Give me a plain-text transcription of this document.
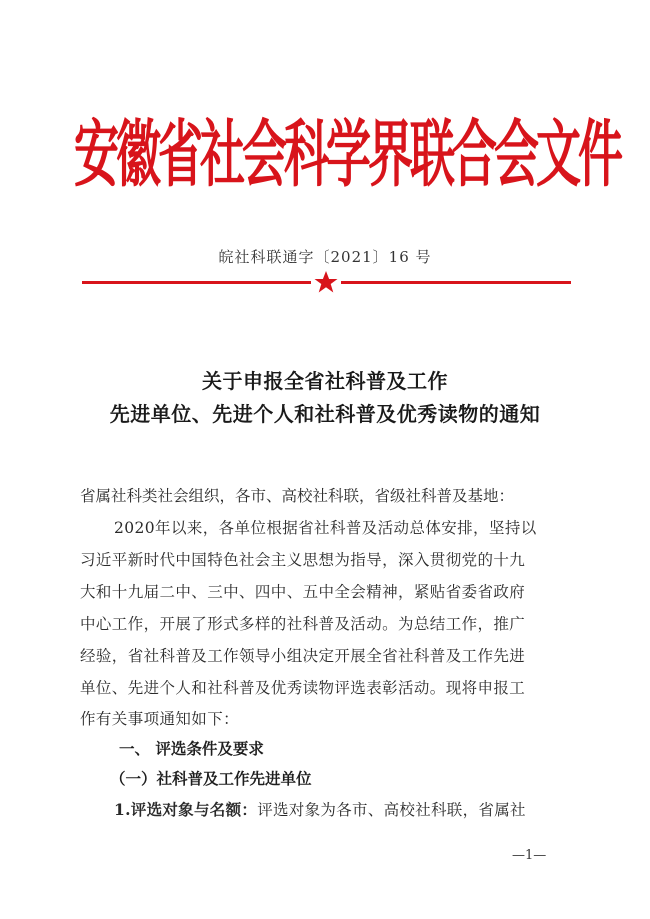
安徽省社会科学界联合会文件
皖社科联通字〔2021〕16 号
关于申报全省社科普及工作
先进单位、先进个人和社科普及优秀读物的通知
省属社科类社会组织，各市、高校社科联，省级社科普及基地：
2020年以来，各单位根据省社科普及活动总体安排，坚持以
习近平新时代中国特色社会主义思想为指导，深入贯彻党的十九
大和十九届二中、三中、四中、五中全会精神，紧贴省委省政府
中心工作，开展了形式多样的社科普及活动。为总结工作，推广
经验，省社科普及工作领导小组决定开展全省社科普及工作先进
单位、先进个人和社科普及优秀读物评选表彰活动。现将申报工
作有关事项通知如下：
一、 评选条件及要求
（一）社科普及工作先进单位
1.评选对象与名额：评选对象为各市、高校社科联，省属社
—1—
